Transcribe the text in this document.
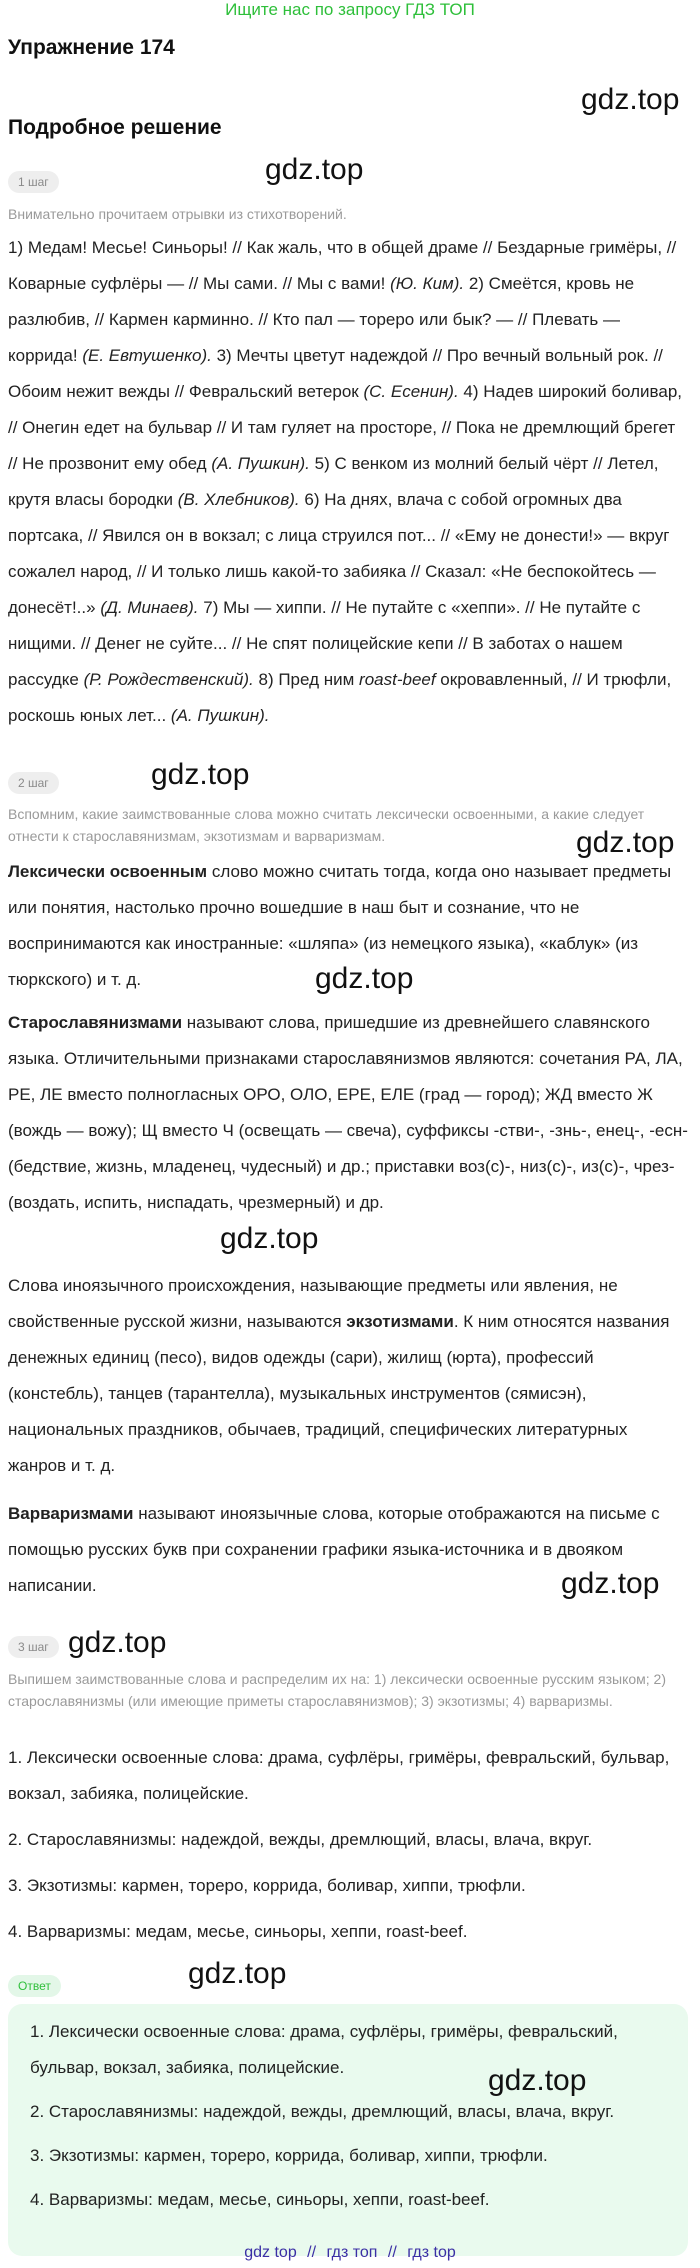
Ищите нас по запросу ГДЗ ТОП
Упражнение 174
gdz.top
Подробное решение
gdz.top
1 шаг

Внимательно прочитаем отрывки из стихотворений.

1) Медам! Месье! Синьоры! // Как жаль, что в общей драме // Бездарные гримёры, // Коварные суфлёры — // Мы сами. // Мы с вами! (Ю. Ким). 2) Смеётся, кровь не разлюбив, // Кармен карминно. // Кто пал — тореро или бык? — // Плевать — коррида! (Е. Евтушенко). 3) Мечты цветут надеждой // Про вечный вольный рок. // Обоим нежит вежды // Февральский ветерок (С. Есенин). 4) Надев широкий боливар, // Онегин едет на бульвар // И там гуляет на просторе, // Пока не дремлющий брегет // Не прозвонит ему обед (А. Пушкин). 5) С венком из молний белый чёрт // Летел, крутя власы бородки (В. Хлебников). 6) На днях, влача с собой огромных два портсака, // Явился он в вокзал; с лица струился пот... // «Ему не донести!» — вкруг сожалел народ, // И только лишь какой-то забияка // Сказал: «Не беспокойтесь — донесёт!..» (Д. Минаев). 7) Мы — хиппи. // Не путайте с «хеппи». // Не путайте с нищими. // Денег не суйте... // Не спят полицейские кепи // В заботах о нашем рассудке (Р. Рождественский). 8) Пред ним roast-beef окровавленный, // И трюфли, роскошь юных лет... (А. Пушкин).

gdz.top
2 шаг

Вспомним, какие заимствованные слова можно считать лексически освоенными, а какие следует отнести к старославянизмам, экзотизмам и варваризмам.	gdz.top

Лексически освоенным слово можно считать тогда, когда оно называет предметы или понятия, настолько прочно вошедшие в наш быт и сознание, что не воспринимаются как иностранные: «шляпа» (из немецкого языка), «каблук» (из тюркского) и т. д.	gdz.top

Старославянизмами называют слова, пришедшие из древнейшего славянского языка. Отличительными признаками старославянизмов являются: сочетания РА, ЛА, РЕ, ЛЕ вместо полногласных ОРО, ОЛО, ЕРЕ, ЕЛЕ (град — город); ЖД вместо Ж (вождь — вожу); Щ вместо Ч (освещать — свеча), суффиксы -стви-, -знь-, енец-, -есн- (бедствие, жизнь, младенец, чудесный) и др.; приставки воз(с)-, низ(с)-, из(с)-, чрез- (воздать, испить, ниспадать, чрезмерный) и др.

gdz.top

Слова иноязычного происхождения, называющие предметы или явления, не свойственные русской жизни, называются экзотизмами. К ним относятся названия денежных единиц (песо), видов одежды (сари), жилищ (юрта), профессий (констебль), танцев (тарантелла), музыкальных инструментов (сямисэн), национальных праздников, обычаев, традиций, специфических литературных жанров и т. д.

Варваризмами называют иноязычные слова, которые отображаются на письме с помощью русских букв при сохранении графики языка-источника и в двояком написании.	gdz.top
3 шаг gdz.top

Выпишем заимствованные слова и распределим их на: 1) лексически освоенные русским языком; 2) старославянизмы (или имеющие приметы старославянизмов); 3) экзотизмы; 4) варваризмы.

1. Лексически освоенные слова: драма, суфлёры, гримёры, февральский, бульвар, вокзал, забияка, полицейские.

2. Старославянизмы: надеждой, вежды, дремлющий, власы, влача, вкруг.

3. Экзотизмы: кармен, тореро, коррида, боливар, хиппи, трюфли.

4. Варваризмы: медам, месье, синьоры, хеппи, roast-beef.

Ответ	gdz.top

1. Лексически освоенные слова: драма, суфлёры, гримёры, февральский, бульвар, вокзал, забияка, полицейские.
2. Старославянизмы: надеждой, вежды, дремлющий, власы, влача, вкруг.
3. Экзотизмы: кармен, тореро, коррида, боливар, хиппи, трюфли.
4. Варваризмы: медам, месье, синьоры, хеппи, roast-beef.

gdz.top
gdz top // гдз топ // гдз top
